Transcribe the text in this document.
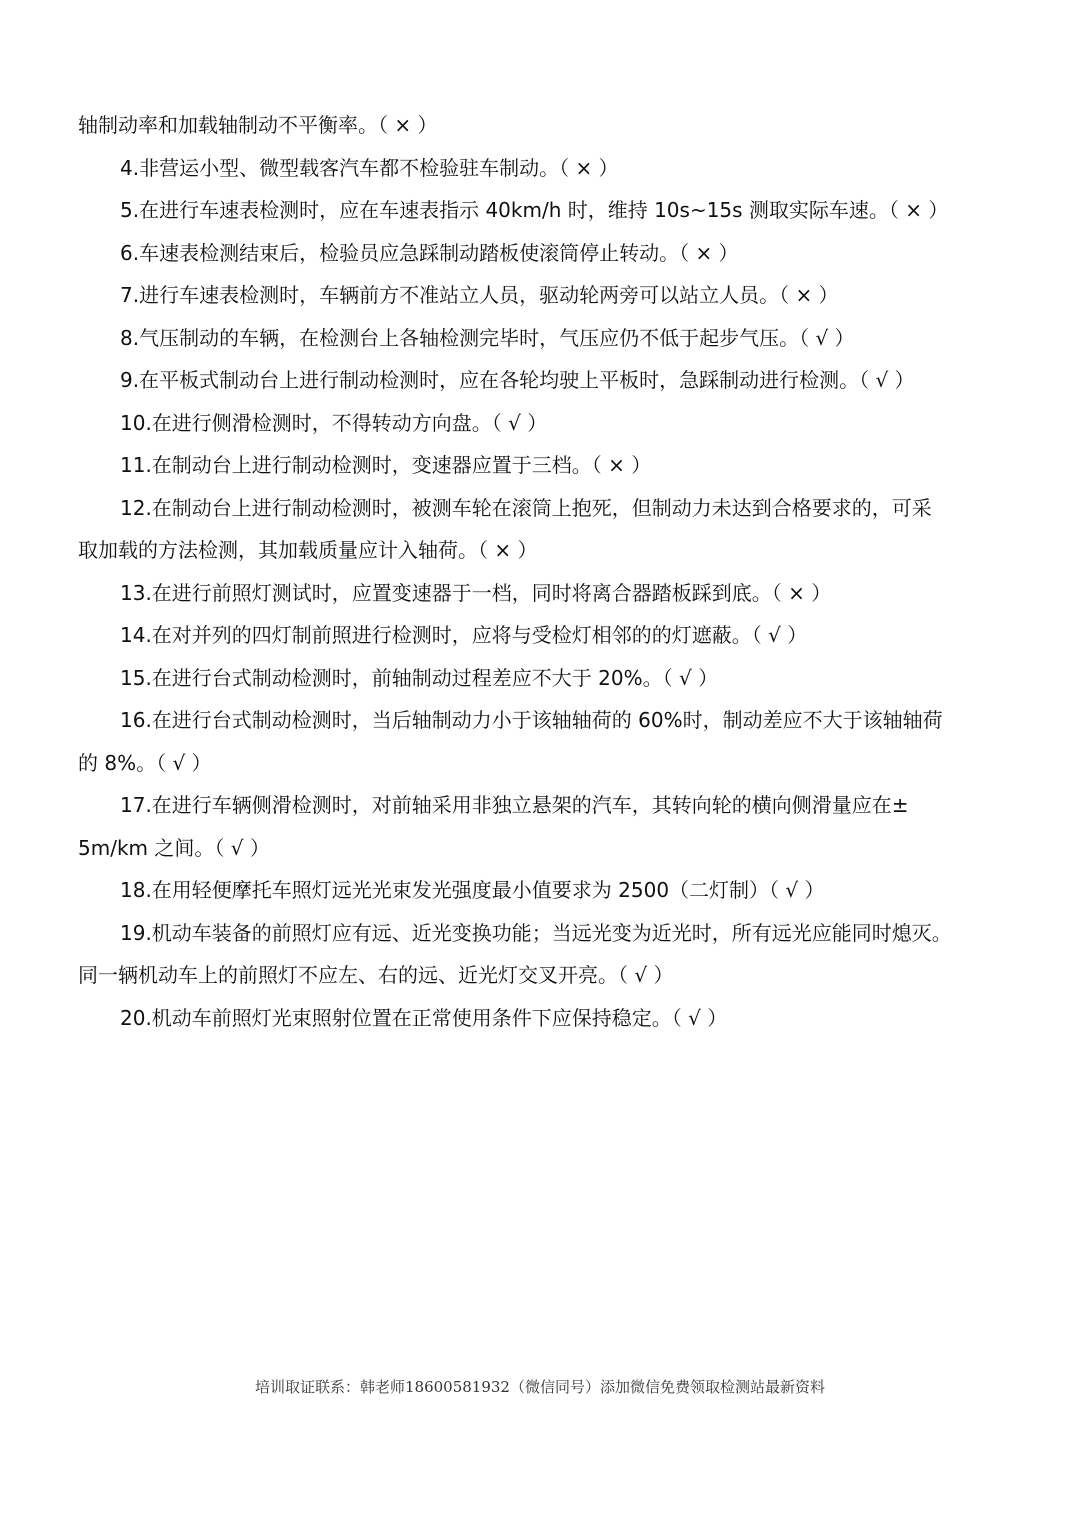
轴制动率和加载轴制动不平衡率。（ × ）
4.非营运小型、微型载客汽车都不检验驻车制动。（ × ）
5.在进行车速表检测时，应在车速表指示 40km/h 时，维持 10s~15s 测取实际车速。（ × ）
6.车速表检测结束后，检验员应急踩制动踏板使滚筒停止转动。（ × ）
7.进行车速表检测时，车辆前方不准站立人员，驱动轮两旁可以站立人员。（ × ）
8.气压制动的车辆，在检测台上各轴检测完毕时，气压应仍不低于起步气压。（ √ ）
9.在平板式制动台上进行制动检测时，应在各轮均驶上平板时，急踩制动进行检测。（ √ ）
10.在进行侧滑检测时，不得转动方向盘。（ √ ）
11.在制动台上进行制动检测时，变速器应置于三档。（ × ）
12.在制动台上进行制动检测时，被测车轮在滚筒上抱死，但制动力未达到合格要求的，可采
取加载的方法检测，其加载质量应计入轴荷。（ × ）
13.在进行前照灯测试时，应置变速器于一档，同时将离合器踏板踩到底。（ × ）
14.在对并列的四灯制前照进行检测时，应将与受检灯相邻的的灯遮蔽。（ √ ）
15.在进行台式制动检测时，前轴制动过程差应不大于 20%。（ √ ）
16.在进行台式制动检测时，当后轴制动力小于该轴轴荷的 60%时，制动差应不大于该轴轴荷
的 8%。（ √ ）
17.在进行车辆侧滑检测时，对前轴采用非独立悬架的汽车，其转向轮的横向侧滑量应在±
5m/km 之间。（ √ ）
18.在用轻便摩托车照灯远光光束发光强度最小值要求为 2500（二灯制）（ √ ）
19.机动车装备的前照灯应有远、近光变换功能；当远光变为近光时，所有远光应能同时熄灭。
同一辆机动车上的前照灯不应左、右的远、近光灯交叉开亮。（ √ ）
20.机动车前照灯光束照射位置在正常使用条件下应保持稳定。（ √ ）
培训取证联系：韩老师18600581932（微信同号）添加微信免费领取检测站最新资料
